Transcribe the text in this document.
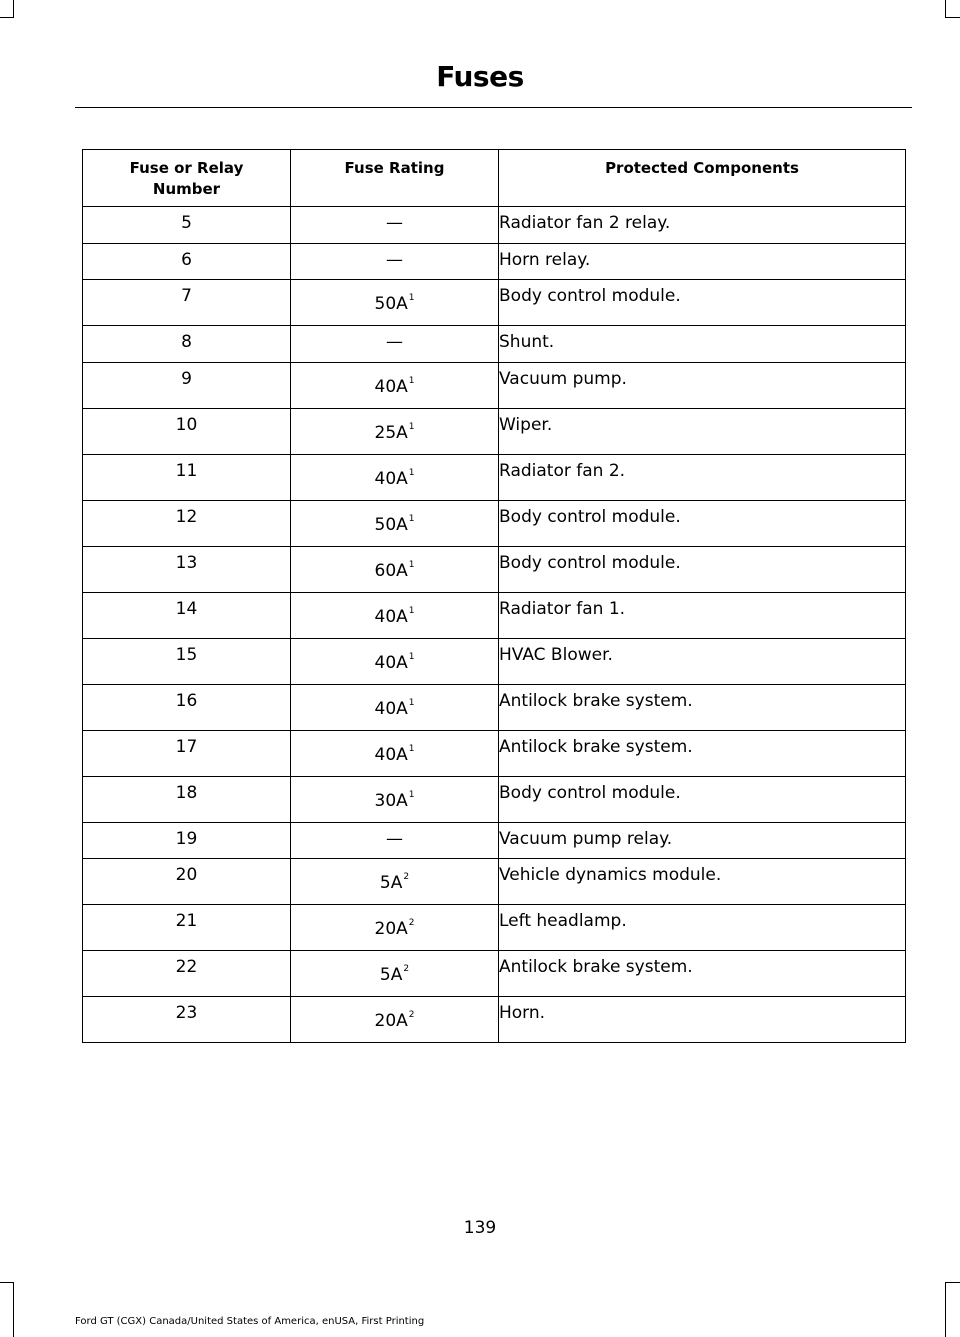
Fuses
Fuse or Relay Number	Fuse Rating	Protected Components
5	—	Radiator fan 2 relay.
6	—	Horn relay.
7	50A$^1$	Body control module.
8	—	Shunt.
9	40A$^1$	Vacuum pump.
10	25A$^1$	Wiper.
11	40A$^1$	Radiator fan 2.
12	50A$^1$	Body control module.
13	60A$^1$	Body control module.
14	40A$^1$	Radiator fan 1.
15	40A$^1$	HVAC Blower.
16	40A$^1$	Antilock brake system.
17	40A$^1$	Antilock brake system.
18	30A$^1$	Body control module.
19	—	Vacuum pump relay.
20	5A$^2$	Vehicle dynamics module.
21	20A$^2$	Left headlamp.
22	5A$^2$	Antilock brake system.
23	20A$^2$	Horn.
139
Ford GT (CGX) Canada/United States of America, enUSA, First Printing
